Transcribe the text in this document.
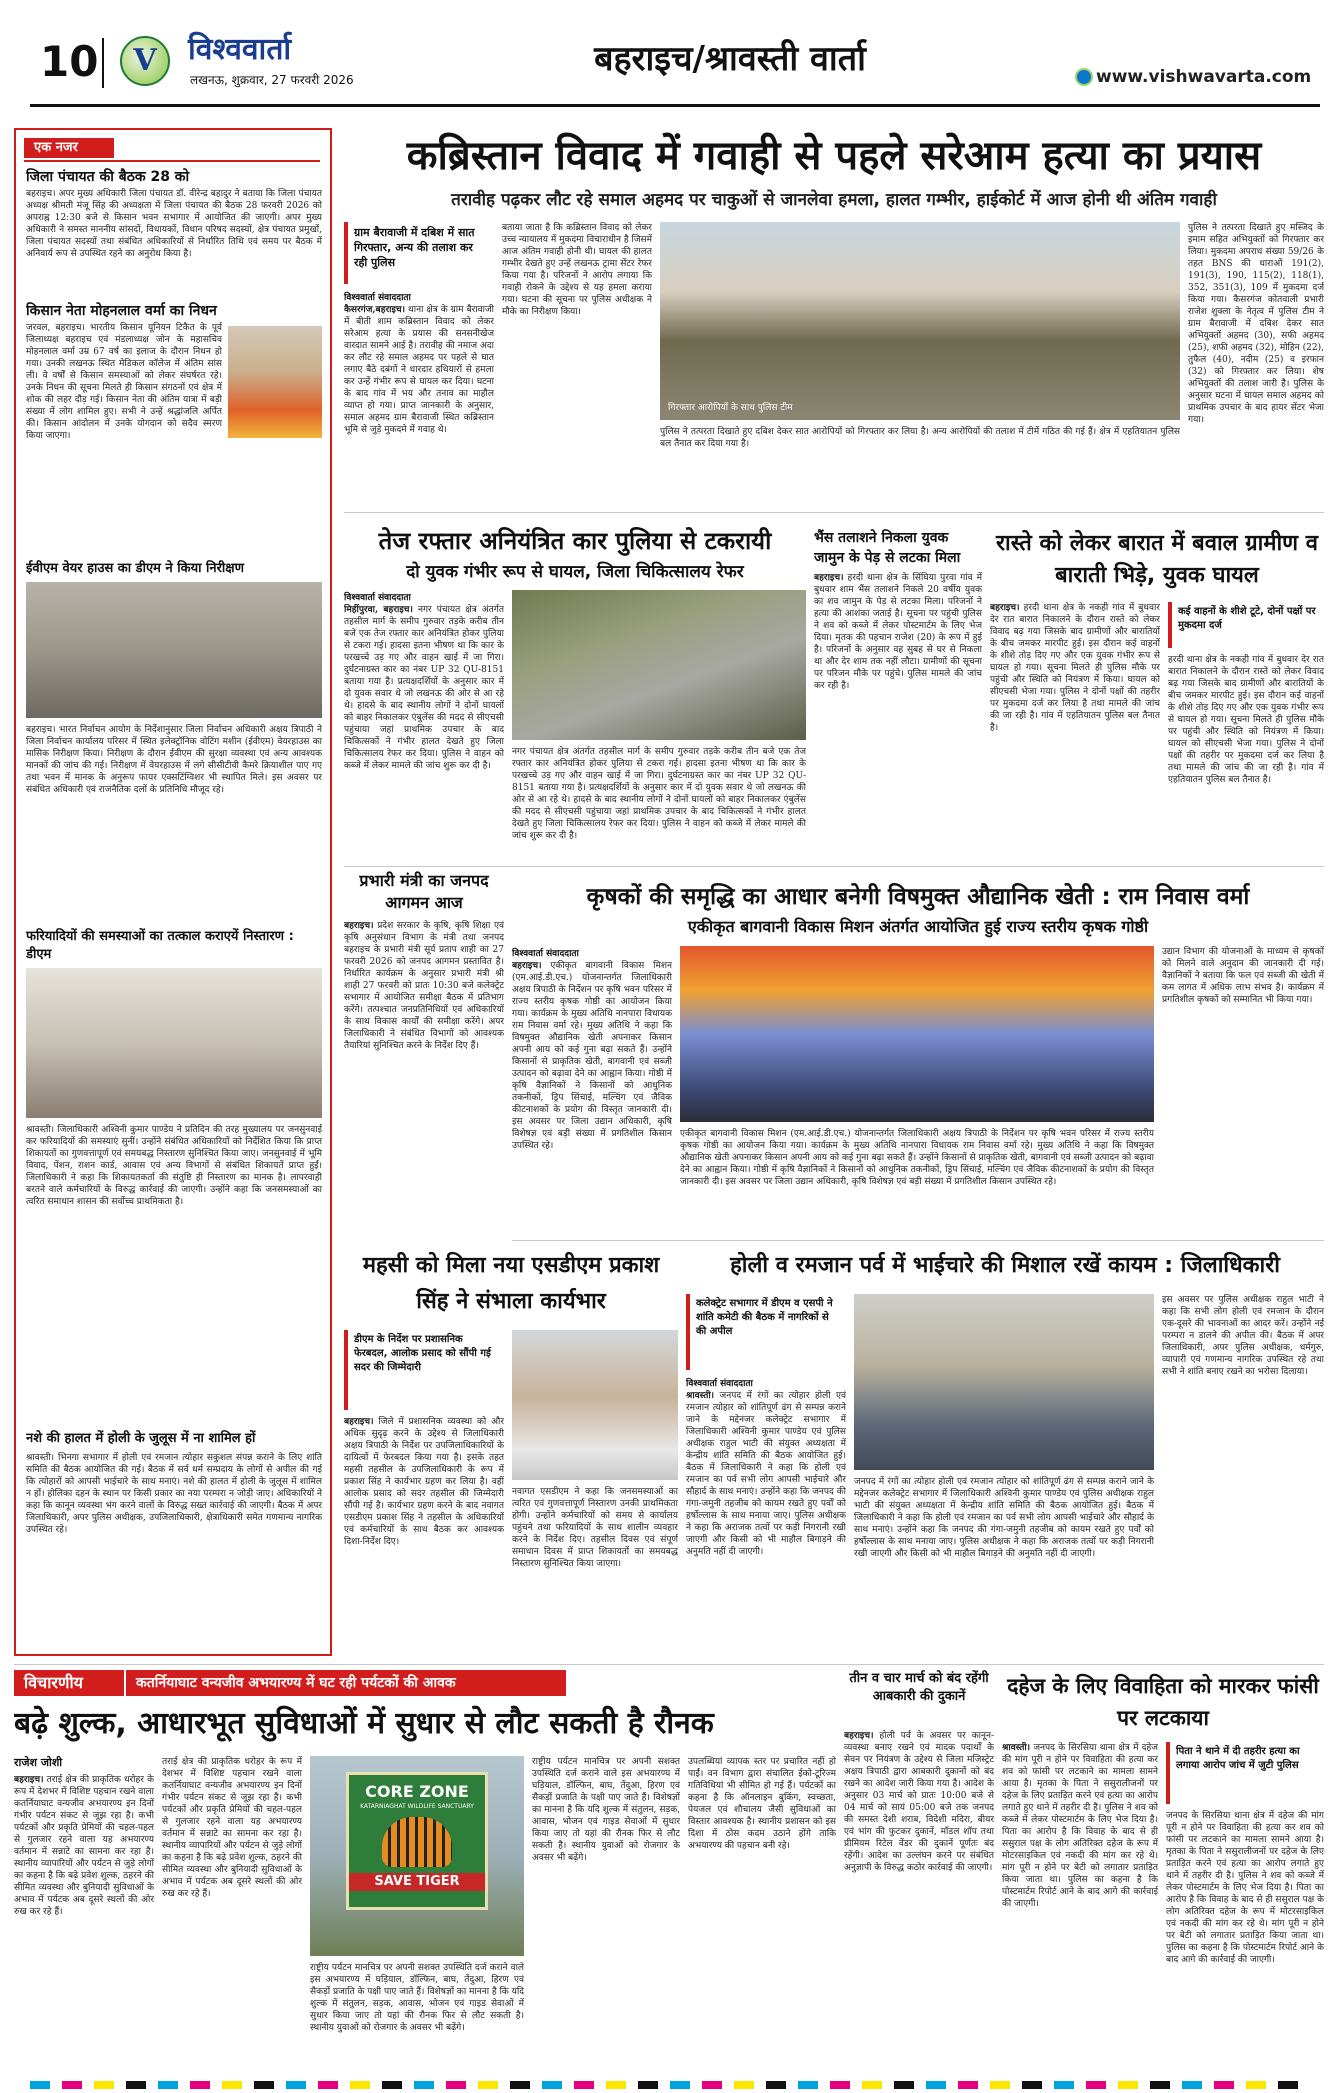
10	V	विश्ववार्ता
लखनऊ, शुक्रवार, 27 फरवरी 2026
बहराइच/श्रावस्ती वार्ता	www.vishwavarta.com
एक नजर
जिला पंचायत की बैठक 28 को
बहराइच। अपर मुख्य अधिकारी जिला पंचायत डॉ. वीरेन्द्र बहादुर ने बताया कि जिला पंचायत अध्यक्ष श्रीमती मंजू सिंह की अध्यक्षता में जिला पंचायत की बैठक 28 फरवरी 2026 को अपराह्न 12:30 बजे से किसान भवन सभागार में आयोजित की जाएगी। अपर मुख्य अधिकारी ने समस्त माननीय सांसदों, विधायकों, विधान परिषद सदस्यों, क्षेत्र पंचायत प्रमुखों, जिला पंचायत सदस्यों तथा संबंधित अधिकारियों से निर्धारित तिथि एवं समय पर बैठक में अनिवार्य रूप से उपस्थित रहने का अनुरोध किया है।
किसान नेता मोहनलाल वर्मा का निधन
जरवल, बहराइच। भारतीय किसान यूनियन टिकैत के पूर्व जिलाध्यक्ष बहराइच एवं मंडलाध्यक्ष जोन के महासचिव मोहनलाल वर्मा उम्र 67 वर्ष का इलाज के दौरान निधन हो गया। उनकी लखनऊ स्थित मेडिकल कॉलेज में अंतिम सांस ली। वे वर्षों से किसान समस्याओं को लेकर संघर्षरत रहे। उनके निधन की सूचना मिलते ही किसान संगठनों एवं क्षेत्र में शोक की लहर दौड़ गई। किसान नेता की अंतिम यात्रा में बड़ी संख्या में लोग शामिल हुए। सभी ने उन्हें श्रद्धांजलि अर्पित की। किसान आंदोलन में उनके योगदान को सदैव स्मरण किया जाएगा।
ईवीएम वेयर हाउस का डीएम ने किया निरीक्षण
बहराइच। भारत निर्वाचन आयोग के निर्देशानुसार जिला निर्वाचन अधिकारी अक्षय त्रिपाठी ने जिला निर्वाचन कार्यालय परिसर में स्थित इलेक्ट्रॉनिक वोटिंग मशीन (ईवीएम) वेयरहाउस का मासिक निरीक्षण किया। निरीक्षण के दौरान ईवीएम की सुरक्षा व्यवस्था एवं अन्य आवश्यक मानकों की जांच की गई। निरीक्षण में वेयरहाउस में लगे सीसीटीवी कैमरे क्रियाशील पाए गए तथा भवन में मानक के अनुरूप फायर एक्सटिंग्विशर भी स्थापित मिले। इस अवसर पर संबंधित अधिकारी एवं राजनैतिक दलों के प्रतिनिधि मौजूद रहे।
फरियादियों की समस्याओं का तत्काल कराएयें निस्तारण : डीएम
श्रावस्ती। जिलाधिकारी अश्विनी कुमार पाण्डेय ने प्रतिदिन की तरह मुख्यालय पर जनसुनवाई कर फरियादियों की समस्याएं सुनीं। उन्होंने संबंधित अधिकारियों को निर्देशित किया कि प्राप्त शिकायतों का गुणवत्तापूर्ण एवं समयबद्ध निस्तारण सुनिश्चित किया जाए। जनसुनवाई में भूमि विवाद, पेंशन, राशन कार्ड, आवास एवं अन्य विभागों से संबंधित शिकायतें प्राप्त हुईं। जिलाधिकारी ने कहा कि शिकायतकर्ता की संतुष्टि ही निस्तारण का मानक है। लापरवाही बरतने वाले कर्मचारियों के विरुद्ध कार्रवाई की जाएगी। उन्होंने कहा कि जनसमस्याओं का त्वरित समाधान शासन की सर्वोच्च प्राथमिकता है।
नशे की हालत में होली के जुलूस में ना शामिल हों
श्रावस्ती। भिनगा सभागार में होली एवं रमजान त्योहार सकुशल संपन्न कराने के लिए शांति समिति की बैठक आयोजित की गई। बैठक में सर्व धर्म सम्प्रदाय के लोगों से अपील की गई कि त्योहारों को आपसी भाईचारे के साथ मनाएं। नशे की हालत में होली के जुलूस में शामिल न हों। होलिका दहन के स्थान पर किसी प्रकार का नया परम्परा न जोड़ी जाए। अधिकारियों ने कहा कि कानून व्यवस्था भंग करने वालों के विरुद्ध सख्त कार्रवाई की जाएगी। बैठक में अपर जिलाधिकारी, अपर पुलिस अधीक्षक, उपजिलाधिकारी, क्षेत्राधिकारी समेत गणमान्य नागरिक उपस्थित रहे।
कब्रिस्तान विवाद में गवाही से पहले सरेआम हत्या का प्रयास
तरावीह पढ़कर लौट रहे समाल अहमद पर चाकुओं से जानलेवा हमला, हालत गम्भीर, हाईकोर्ट में आज होनी थी अंतिम गवाही
ग्राम बैरावाजी में दबिश में सात गिरफ्तार, अन्य की तलाश कर रही पुलिस
विश्ववार्ता संवाददाता
कैसरगंज,बहराइच। थाना क्षेत्र के ग्राम बैरावाजी में बीती शाम कब्रिस्तान विवाद को लेकर सरेआम हत्या के प्रयास की सनसनीखेज वारदात सामने आई है। तरावीह की नमाज अदा कर लौट रहे समाल अहमद पर पहले से घात लगाए बैठे दबंगों ने धारदार हथियारों से हमला कर उन्हें गंभीर रूप से घायल कर दिया। घटना के बाद गांव में भय और तनाव का माहौल व्याप्त हो गया। प्राप्त जानकारी के अनुसार, समाल अहमद ग्राम बैरावाजी स्थित कब्रिस्तान भूमि से जुड़े मुकदमे में गवाह थे।
बताया जाता है कि कब्रिस्तान विवाद को लेकर उच्च न्यायालय में मुकदमा विचाराधीन है जिसमें आज अंतिम गवाही होनी थी। घायल की हालत गम्भीर देखते हुए उन्हें लखनऊ ट्रामा सेंटर रेफर किया गया है। परिजनों ने आरोप लगाया कि गवाही रोकने के उद्देश्य से यह हमला कराया गया। घटना की सूचना पर पुलिस अधीक्षक ने मौके का निरीक्षण किया।
गिरफ्तार आरोपियों के साथ पुलिस टीम
पुलिस ने तत्परता दिखाते हुए दबिश देकर सात आरोपियों को गिरफ्तार कर लिया है। अन्य आरोपियों की तलाश में टीमें गठित की गई हैं। क्षेत्र में एहतियातन पुलिस बल तैनात कर दिया गया है।
पुलिस ने तत्परता दिखाते हुए मस्जिद के इमाम सहित अभियुक्तों को गिरफ्तार कर लिया। मुकदमा अपराध संख्या 59/26 के तहत BNS की धाराओं 191(2), 191(3), 190, 115(2), 118(1), 352, 351(3), 109 में मुकदमा दर्ज किया गया। कैसरगंज कोतवाली प्रभारी राजेश शुक्ला के नेतृत्व में पुलिस टीम ने ग्राम बैरावाजी में दबिश देकर सात अभियुक्तों अहमद (30), सफी अहमद (25), शफी अहमद (32), मोहिन (22), तुफैल (40), नदीम (25) व इरफान (32) को गिरफ्तार कर लिया। शेष अभियुक्तों की तलाश जारी है। पुलिस के अनुसार घटना में घायल समाल अहमद को प्राथमिक उपचार के बाद हायर सेंटर भेजा गया।
तेज रफ्तार अनियंत्रित कार पुलिया से टकरायी
दो युवक गंभीर रूप से घायल, जिला चिकित्सालय रेफर
विश्ववार्ता संवाददाता
मिहींपुरवा, बहराइच। नगर पंचायत क्षेत्र अंतर्गत तहसील मार्ग के समीप गुरुवार तड़के करीब तीन बजे एक तेज रफ्तार कार अनियंत्रित होकर पुलिया से टकरा गई। हादसा इतना भीषण था कि कार के परखच्चे उड़ गए और वाहन खाई में जा गिरा। दुर्घटनाग्रस्त कार का नंबर UP 32 QU-8151 बताया गया है। प्रत्यक्षदर्शियों के अनुसार कार में दो युवक सवार थे जो लखनऊ की ओर से आ रहे थे। हादसे के बाद स्थानीय लोगों ने दोनों घायलों को बाहर निकालकर एंबुलेंस की मदद से सीएचसी पहुंचाया जहां प्राथमिक उपचार के बाद चिकित्सकों ने गंभीर हालत देखते हुए जिला चिकित्सालय रेफर कर दिया। पुलिस ने वाहन को कब्जे में लेकर मामले की जांच शुरू कर दी है।
नगर पंचायत क्षेत्र अंतर्गत तहसील मार्ग के समीप गुरुवार तड़के करीब तीन बजे एक तेज रफ्तार कार अनियंत्रित होकर पुलिया से टकरा गई। हादसा इतना भीषण था कि कार के परखच्चे उड़ गए और वाहन खाई में जा गिरा। दुर्घटनाग्रस्त कार का नंबर UP 32 QU-8151 बताया गया है। प्रत्यक्षदर्शियों के अनुसार कार में दो युवक सवार थे जो लखनऊ की ओर से आ रहे थे। हादसे के बाद स्थानीय लोगों ने दोनों घायलों को बाहर निकालकर एंबुलेंस की मदद से सीएचसी पहुंचाया जहां प्राथमिक उपचार के बाद चिकित्सकों ने गंभीर हालत देखते हुए जिला चिकित्सालय रेफर कर दिया। पुलिस ने वाहन को कब्जे में लेकर मामले की जांच शुरू कर दी है।
भैंस तलाशने निकला युवक जामुन के पेड़ से लटका मिला
बहराइच। हरदी थाना क्षेत्र के सिंघिया पुरवा गांव में बुधवार शाम भैंस तलाशने निकले 20 वर्षीय युवक का शव जामुन के पेड़ से लटका मिला। परिजनों ने हत्या की आशंका जताई है। सूचना पर पहुंची पुलिस ने शव को कब्जे में लेकर पोस्टमार्टम के लिए भेज दिया। मृतक की पहचान राजेश (20) के रूप में हुई है। परिजनों के अनुसार वह सुबह से घर से निकला था और देर शाम तक नहीं लौटा। ग्रामीणों की सूचना पर परिजन मौके पर पहुंचे। पुलिस मामले की जांच कर रही है।
रास्ते को लेकर बारात में बवाल ग्रामीण व बाराती भिड़े, युवक घायल
कई वाहनों के शीशे टूटे, दोनों पक्षों पर मुकदमा दर्ज
बहराइच। हरदी थाना क्षेत्र के नकही गांव में बुधवार देर रात बारात निकालने के दौरान रास्ते को लेकर विवाद बढ़ गया जिसके बाद ग्रामीणों और बारातियों के बीच जमकर मारपीट हुई। इस दौरान कई वाहनों के शीशे तोड़ दिए गए और एक युवक गंभीर रूप से घायल हो गया। सूचना मिलते ही पुलिस मौके पर पहुंची और स्थिति को नियंत्रण में किया। घायल को सीएचसी भेजा गया। पुलिस ने दोनों पक्षों की तहरीर पर मुकदमा दर्ज कर लिया है तथा मामले की जांच की जा रही है। गांव में एहतियातन पुलिस बल तैनात है।
हरदी थाना क्षेत्र के नकही गांव में बुधवार देर रात बारात निकालने के दौरान रास्ते को लेकर विवाद बढ़ गया जिसके बाद ग्रामीणों और बारातियों के बीच जमकर मारपीट हुई। इस दौरान कई वाहनों के शीशे तोड़ दिए गए और एक युवक गंभीर रूप से घायल हो गया। सूचना मिलते ही पुलिस मौके पर पहुंची और स्थिति को नियंत्रण में किया। घायल को सीएचसी भेजा गया। पुलिस ने दोनों पक्षों की तहरीर पर मुकदमा दर्ज कर लिया है तथा मामले की जांच की जा रही है। गांव में एहतियातन पुलिस बल तैनात है।
प्रभारी मंत्री का जनपद आगमन आज
बहराइच। प्रदेश सरकार के कृषि, कृषि शिक्षा एवं कृषि अनुसंधान विभाग के मंत्री तथा जनपद बहराइच के प्रभारी मंत्री सूर्य प्रताप शाही का 27 फरवरी 2026 को जनपद आगमन प्रस्तावित है। निर्धारित कार्यक्रम के अनुसार प्रभारी मंत्री श्री शाही 27 फरवरी को प्रातः 10:30 बजे कलेक्ट्रेट सभागार में आयोजित समीक्षा बैठक में प्रतिभाग करेंगे। तत्पश्चात जनप्रतिनिधियों एवं अधिकारियों के साथ विकास कार्यों की समीक्षा करेंगे। अपर जिलाधिकारी ने संबंधित विभागों को आवश्यक तैयारियां सुनिश्चित करने के निर्देश दिए हैं।
कृषकों की समृद्धि का आधार बनेगी विषमुक्त औद्यानिक खेती : राम निवास वर्मा
एकीकृत बागवानी विकास मिशन अंतर्गत आयोजित हुई राज्य स्तरीय कृषक गोष्ठी
विश्ववार्ता संवाददाता
बहराइच। एकीकृत बागवानी विकास मिशन (एम.आई.डी.एच.) योजनान्तर्गत जिलाधिकारी अक्षय त्रिपाठी के निर्देशन पर कृषि भवन परिसर में राज्य स्तरीय कृषक गोष्ठी का आयोजन किया गया। कार्यक्रम के मुख्य अतिथि नानपारा विधायक राम निवास वर्मा रहे। मुख्य अतिथि ने कहा कि विषमुक्त औद्यानिक खेती अपनाकर किसान अपनी आय को कई गुना बढ़ा सकते हैं। उन्होंने किसानों से प्राकृतिक खेती, बागवानी एवं सब्जी उत्पादन को बढ़ावा देने का आह्वान किया। गोष्ठी में कृषि वैज्ञानिकों ने किसानों को आधुनिक तकनीकों, ड्रिप सिंचाई, मल्चिंग एवं जैविक कीटनाशकों के प्रयोग की विस्तृत जानकारी दी। इस अवसर पर जिला उद्यान अधिकारी, कृषि विशेषज्ञ एवं बड़ी संख्या में प्रगतिशील किसान उपस्थित रहे।
एकीकृत बागवानी विकास मिशन (एम.आई.डी.एच.) योजनान्तर्गत जिलाधिकारी अक्षय त्रिपाठी के निर्देशन पर कृषि भवन परिसर में राज्य स्तरीय कृषक गोष्ठी का आयोजन किया गया। कार्यक्रम के मुख्य अतिथि नानपारा विधायक राम निवास वर्मा रहे। मुख्य अतिथि ने कहा कि विषमुक्त औद्यानिक खेती अपनाकर किसान अपनी आय को कई गुना बढ़ा सकते हैं। उन्होंने किसानों से प्राकृतिक खेती, बागवानी एवं सब्जी उत्पादन को बढ़ावा देने का आह्वान किया। गोष्ठी में कृषि वैज्ञानिकों ने किसानों को आधुनिक तकनीकों, ड्रिप सिंचाई, मल्चिंग एवं जैविक कीटनाशकों के प्रयोग की विस्तृत जानकारी दी। इस अवसर पर जिला उद्यान अधिकारी, कृषि विशेषज्ञ एवं बड़ी संख्या में प्रगतिशील किसान उपस्थित रहे।
उद्यान विभाग की योजनाओं के माध्यम से कृषकों को मिलने वाले अनुदान की जानकारी दी गई। वैज्ञानिकों ने बताया कि फल एवं सब्जी की खेती में कम लागत में अधिक लाभ संभव है। कार्यक्रम में प्रगतिशील कृषकों को सम्मानित भी किया गया।
महसी को मिला नया एसडीएम प्रकाश सिंह ने संभाला कार्यभार
डीएम के निर्देश पर प्रशासनिक फेरबदल, आलोक प्रसाद को सौंपी गई सदर की जिम्मेदारी
बहराइच। जिले में प्रशासनिक व्यवस्था को और अधिक सुदृढ़ करने के उद्देश्य से जिलाधिकारी अक्षय त्रिपाठी के निर्देश पर उपजिलाधिकारियों के दायित्वों में फेरबदल किया गया है। इसके तहत महसी तहसील के उपजिलाधिकारी के रूप में प्रकाश सिंह ने कार्यभार ग्रहण कर लिया है। वहीं आलोक प्रसाद को सदर तहसील की जिम्मेदारी सौंपी गई है। कार्यभार ग्रहण करने के बाद नवागत एसडीएम प्रकाश सिंह ने तहसील के अधिकारियों एवं कर्मचारियों के साथ बैठक कर आवश्यक दिशा-निर्देश दिए।
नवागत एसडीएम ने कहा कि जनसमस्याओं का त्वरित एवं गुणवत्तापूर्ण निस्तारण उनकी प्राथमिकता होगी। उन्होंने कर्मचारियों को समय से कार्यालय पहुंचने तथा फरियादियों के साथ शालीन व्यवहार करने के निर्देश दिए। तहसील दिवस एवं संपूर्ण समाधान दिवस में प्राप्त शिकायतों का समयबद्ध निस्तारण सुनिश्चित किया जाएगा।
होली व रमजान पर्व में भाईचारे की मिशाल रखें कायम : जिलाधिकारी
कलेक्ट्रेट सभागार में डीएम व एसपी ने शांति कमेटी की बैठक में नागरिकों से की अपील
विश्ववार्ता संवाददाता
श्रावस्ती। जनपद में रंगों का त्योहार होली एवं रमजान त्योहार को शांतिपूर्ण ढंग से सम्पन्न कराने जाने के मद्देनजर कलेक्ट्रेट सभागार में जिलाधिकारी अश्विनी कुमार पाण्डेय एवं पुलिस अधीक्षक राहुल भाटी की संयुक्त अध्यक्षता में केन्द्रीय शांति समिति की बैठक आयोजित हुई। बैठक में जिलाधिकारी ने कहा कि होली एवं रमजान का पर्व सभी लोग आपसी भाईचारे और सौहार्द के साथ मनाएं। उन्होंने कहा कि जनपद की गंगा-जमुनी तहजीब को कायम रखते हुए पर्वों को हर्षोल्लास के साथ मनाया जाए। पुलिस अधीक्षक ने कहा कि अराजक तत्वों पर कड़ी निगरानी रखी जाएगी और किसी को भी माहौल बिगाड़ने की अनुमति नहीं दी जाएगी।
जनपद में रंगों का त्योहार होली एवं रमजान त्योहार को शांतिपूर्ण ढंग से सम्पन्न कराने जाने के मद्देनजर कलेक्ट्रेट सभागार में जिलाधिकारी अश्विनी कुमार पाण्डेय एवं पुलिस अधीक्षक राहुल भाटी की संयुक्त अध्यक्षता में केन्द्रीय शांति समिति की बैठक आयोजित हुई। बैठक में जिलाधिकारी ने कहा कि होली एवं रमजान का पर्व सभी लोग आपसी भाईचारे और सौहार्द के साथ मनाएं। उन्होंने कहा कि जनपद की गंगा-जमुनी तहजीब को कायम रखते हुए पर्वों को हर्षोल्लास के साथ मनाया जाए। पुलिस अधीक्षक ने कहा कि अराजक तत्वों पर कड़ी निगरानी रखी जाएगी और किसी को भी माहौल बिगाड़ने की अनुमति नहीं दी जाएगी।
इस अवसर पर पुलिस अधीक्षक राहुल भाटी ने कहा कि सभी लोग होली एवं रमजान के दौरान एक-दूसरे की भावनाओं का आदर करें। उन्होंने नई परम्परा न डालने की अपील की। बैठक में अपर जिलाधिकारी, अपर पुलिस अधीक्षक, धर्मगुरु, व्यापारी एवं गणमान्य नागरिक उपस्थित रहे तथा सभी ने शांति बनाए रखने का भरोसा दिलाया।
विचारणीय	कतर्नियाघाट वन्यजीव अभयारण्य में घट रही पर्यटकों की आवक
बढ़े शुल्क, आधारभूत सुविधाओं में सुधार से लौट सकती है रौनक
राजेश जोशी
बहराइच। तराई क्षेत्र की प्राकृतिक धरोहर के रूप में देशभर में विशिष्ट पहचान रखने वाला कतर्नियाघाट वन्यजीव अभयारण्य इन दिनों गंभीर पर्यटन संकट से जूझ रहा है। कभी पर्यटकों और प्रकृति प्रेमियों की चहल-पहल से गुलजार रहने वाला यह अभयारण्य वर्तमान में सन्नाटे का सामना कर रहा है। स्थानीय व्यापारियों और पर्यटन से जुड़े लोगों का कहना है कि बढ़े प्रवेश शुल्क, ठहरने की सीमित व्यवस्था और बुनियादी सुविधाओं के अभाव में पर्यटक अब दूसरे स्थलों की ओर रुख कर रहे हैं।
तराई क्षेत्र की प्राकृतिक धरोहर के रूप में देशभर में विशिष्ट पहचान रखने वाला कतर्नियाघाट वन्यजीव अभयारण्य इन दिनों गंभीर पर्यटन संकट से जूझ रहा है। कभी पर्यटकों और प्रकृति प्रेमियों की चहल-पहल से गुलजार रहने वाला यह अभयारण्य वर्तमान में सन्नाटे का सामना कर रहा है। स्थानीय व्यापारियों और पर्यटन से जुड़े लोगों का कहना है कि बढ़े प्रवेश शुल्क, ठहरने की सीमित व्यवस्था और बुनियादी सुविधाओं के अभाव में पर्यटक अब दूसरे स्थलों की ओर रुख कर रहे हैं।
CORE ZONE
KATARNIAGHAT WILDLIFE SANCTUARY
SAVE TIGER
राष्ट्रीय पर्यटन मानचित्र पर अपनी सशक्त उपस्थिति दर्ज कराने वाले इस अभयारण्य में घड़ियाल, डॉल्फिन, बाघ, तेंदुआ, हिरण एवं सैकड़ों प्रजाति के पक्षी पाए जाते हैं। विशेषज्ञों का मानना है कि यदि शुल्क में संतुलन, सड़क, आवास, भोजन एवं गाइड सेवाओं में सुधार किया जाए तो यहां की रौनक फिर से लौट सकती है। स्थानीय युवाओं को रोजगार के अवसर भी बढ़ेंगे।
राष्ट्रीय पर्यटन मानचित्र पर अपनी सशक्त उपस्थिति दर्ज कराने वाले इस अभयारण्य में घड़ियाल, डॉल्फिन, बाघ, तेंदुआ, हिरण एवं सैकड़ों प्रजाति के पक्षी पाए जाते हैं। विशेषज्ञों का मानना है कि यदि शुल्क में संतुलन, सड़क, आवास, भोजन एवं गाइड सेवाओं में सुधार किया जाए तो यहां की रौनक फिर से लौट सकती है। स्थानीय युवाओं को रोजगार के अवसर भी बढ़ेंगे।
उपलब्धियां व्यापक स्तर पर प्रचारित नहीं हो पाईं। वन विभाग द्वारा संचालित ईको-टूरिज्म गतिविधियां भी सीमित हो गई हैं। पर्यटकों का कहना है कि ऑनलाइन बुकिंग, स्वच्छता, पेयजल एवं शौचालय जैसी सुविधाओं का विस्तार आवश्यक है। स्थानीय प्रशासन को इस दिशा में ठोस कदम उठाने होंगे ताकि अभयारण्य की पहचान बनी रहे।
तीन व चार मार्च को बंद रहेंगी आबकारी की दुकानें
बहराइच। होली पर्व के अवसर पर कानून-व्यवस्था बनाए रखने एवं मादक पदार्थों के सेवन पर नियंत्रण के उद्देश्य से जिला मजिस्ट्रेट अक्षय त्रिपाठी द्वारा आबकारी दुकानों को बंद रखने का आदेश जारी किया गया है। आदेश के अनुसार 03 मार्च को प्रातः 10:00 बजे से 04 मार्च को सायं 05:00 बजे तक जनपद की समस्त देशी शराब, विदेशी मदिरा, बीयर एवं भांग की फुटकर दुकानें, मॉडल शॉप तथा प्रीमियम रिटेल वेंडर की दुकानें पूर्णतः बंद रहेंगी। आदेश का उल्लंघन करने पर संबंधित अनुज्ञापी के विरुद्ध कठोर कार्रवाई की जाएगी।
दहेज के लिए विवाहिता को मारकर फांसी पर लटकाया
श्रावस्ती। जनपद के सिरसिया थाना क्षेत्र में दहेज की मांग पूरी न होने पर विवाहिता की हत्या कर शव को फांसी पर लटकाने का मामला सामने आया है। मृतका के पिता ने ससुरालीजनों पर दहेज के लिए प्रताड़ित करने एवं हत्या का आरोप लगाते हुए थाने में तहरीर दी है। पुलिस ने शव को कब्जे में लेकर पोस्टमार्टम के लिए भेज दिया है। पिता का आरोप है कि विवाह के बाद से ही ससुराल पक्ष के लोग अतिरिक्त दहेज के रूप में मोटरसाइकिल एवं नकदी की मांग कर रहे थे। मांग पूरी न होने पर बेटी को लगातार प्रताड़ित किया जाता था। पुलिस का कहना है कि पोस्टमार्टम रिपोर्ट आने के बाद आगे की कार्रवाई की जाएगी।
पिता ने थाने में दी तहरीर हत्या का लगाया आरोप जांच में जुटी पुलिस
जनपद के सिरसिया थाना क्षेत्र में दहेज की मांग पूरी न होने पर विवाहिता की हत्या कर शव को फांसी पर लटकाने का मामला सामने आया है। मृतका के पिता ने ससुरालीजनों पर दहेज के लिए प्रताड़ित करने एवं हत्या का आरोप लगाते हुए थाने में तहरीर दी है। पुलिस ने शव को कब्जे में लेकर पोस्टमार्टम के लिए भेज दिया है। पिता का आरोप है कि विवाह के बाद से ही ससुराल पक्ष के लोग अतिरिक्त दहेज के रूप में मोटरसाइकिल एवं नकदी की मांग कर रहे थे। मांग पूरी न होने पर बेटी को लगातार प्रताड़ित किया जाता था। पुलिस का कहना है कि पोस्टमार्टम रिपोर्ट आने के बाद आगे की कार्रवाई की जाएगी।
